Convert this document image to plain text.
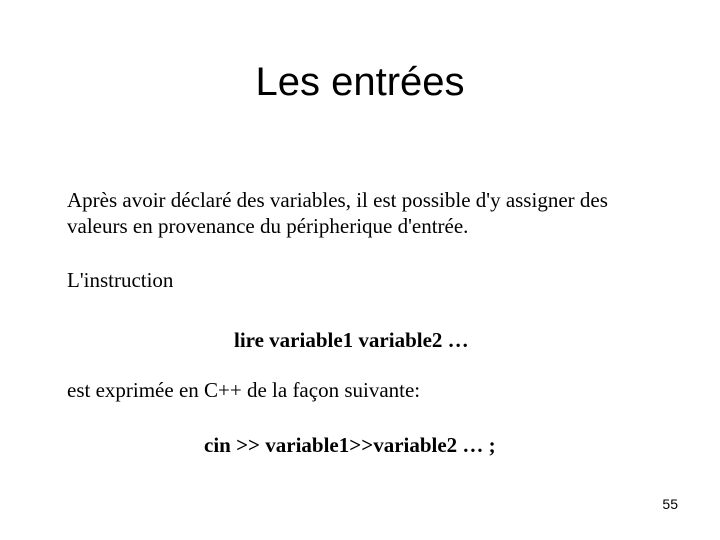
Les entrées
Après avoir déclaré des variables, il est possible d'y assigner des
valeurs en provenance du péripherique d'entrée.
L'instruction
lire variable1 variable2 …
est exprimée en C++ de la façon suivante:
cin >> variable1>>variable2 … ;
55
